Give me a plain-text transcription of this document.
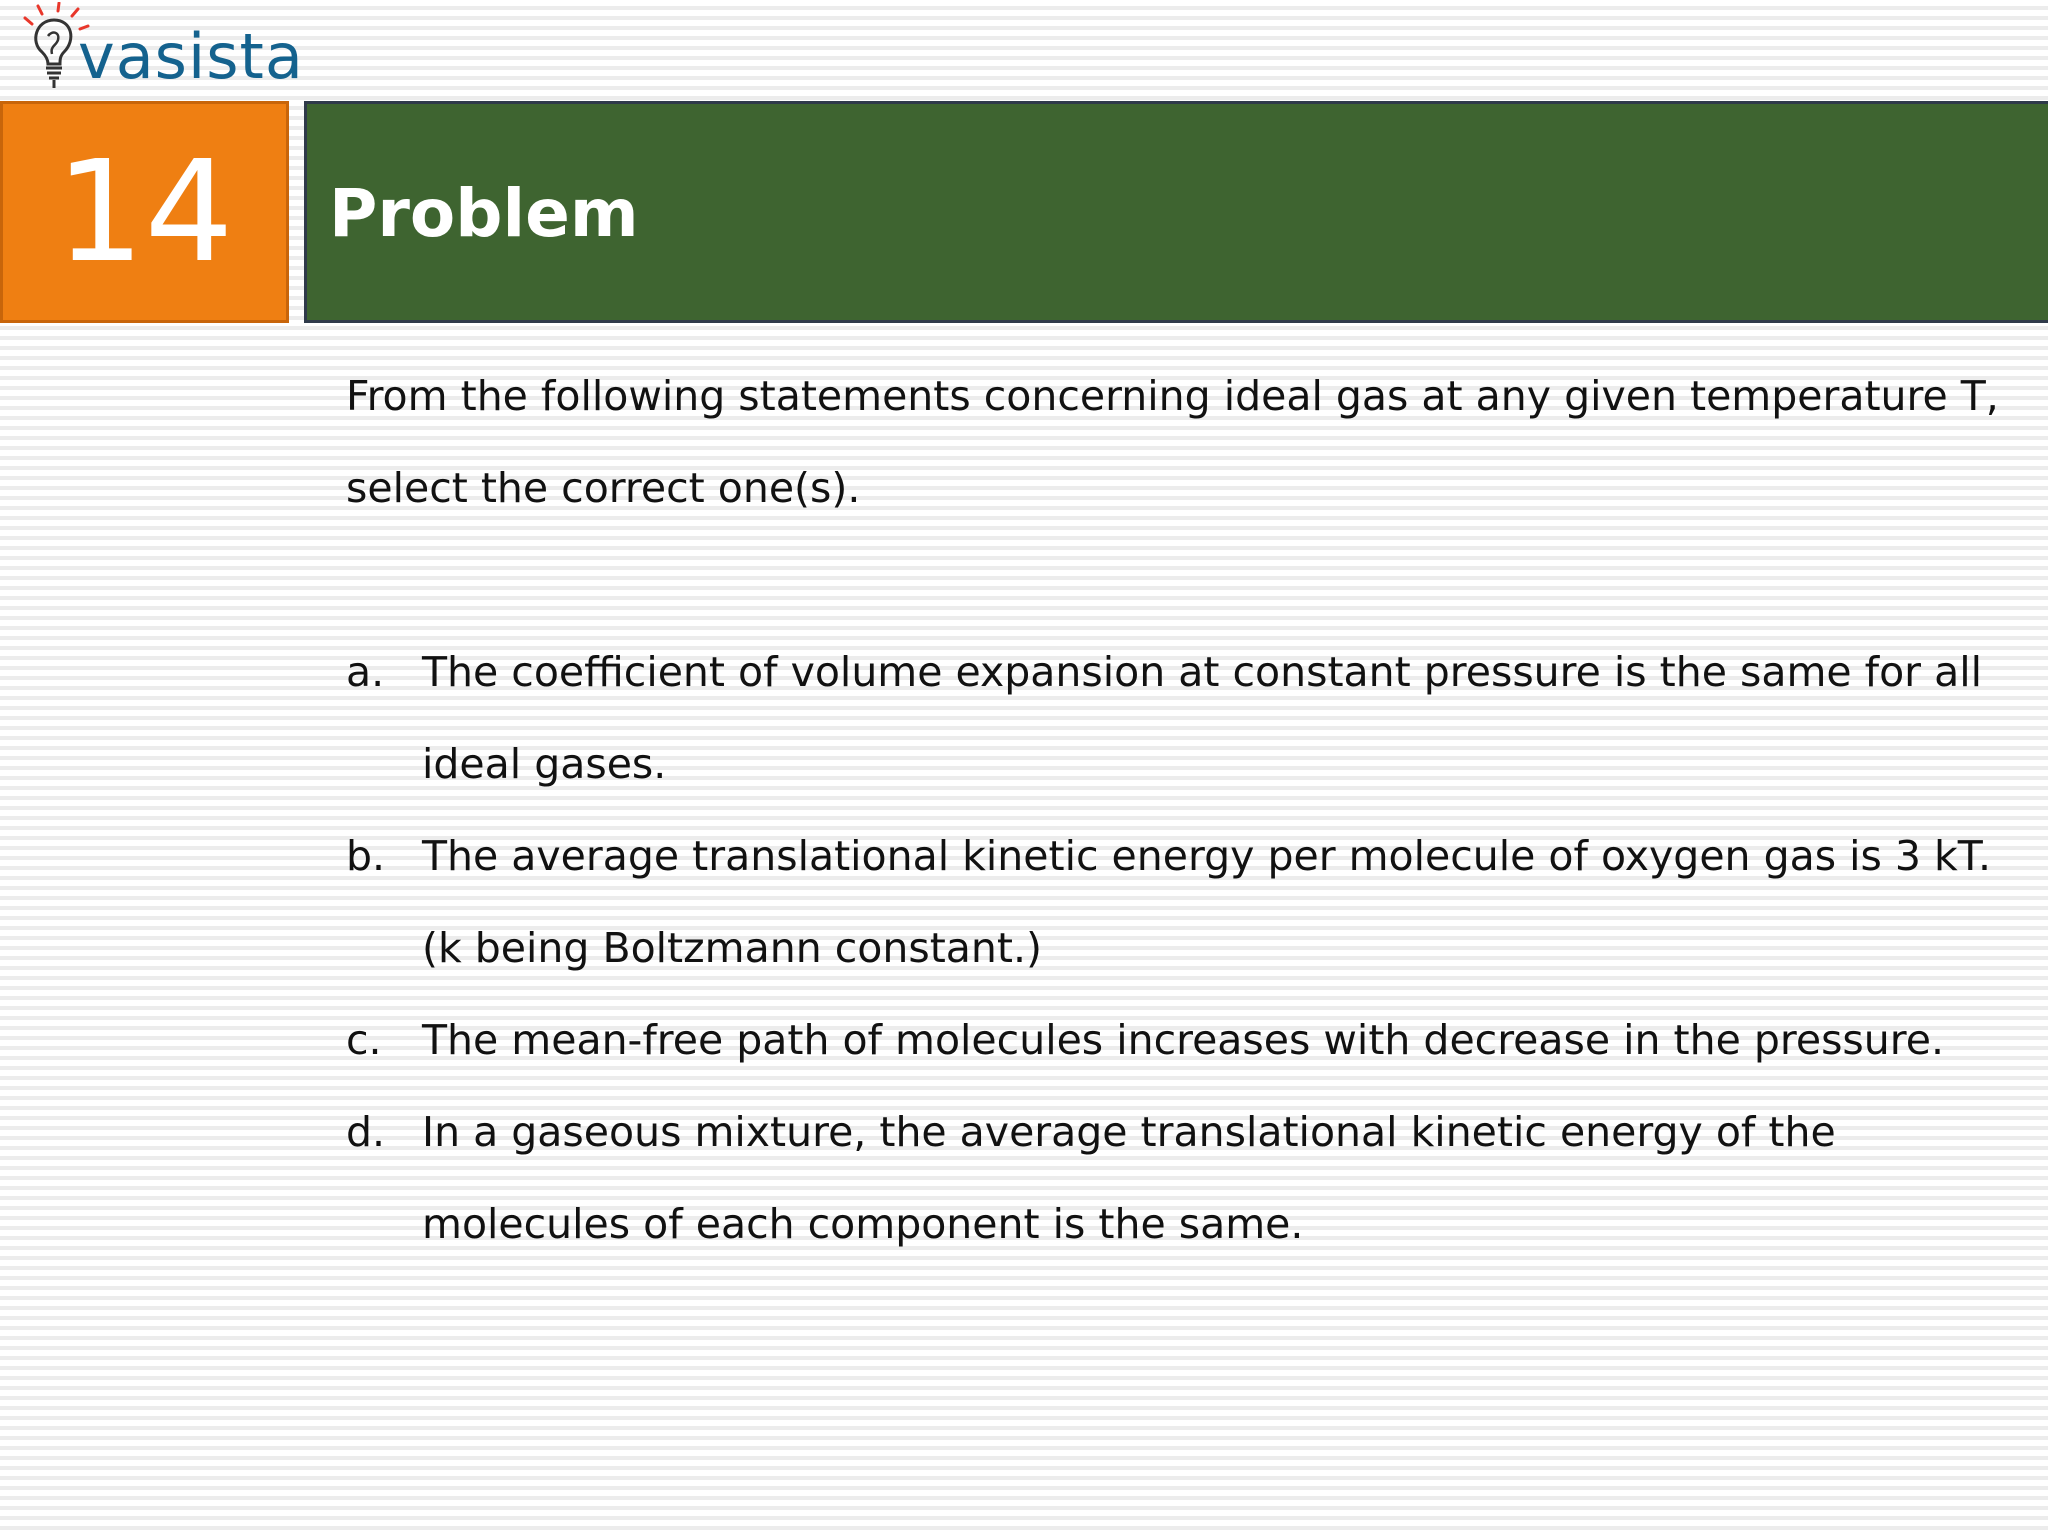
vasista
14	Problem

From the following statements concerning ideal gas at any given temperature T, select the correct one(s).

a. The coefficient of volume expansion at constant pressure is the same for all ideal gases.
b. The average translational kinetic energy per molecule of oxygen gas is 3 kT.(k being Boltzmann constant.)
c. The mean-free path of molecules increases with decrease in the pressure.
d. In a gaseous mixture, the average translational kinetic energy of the molecules of each component is the same.
